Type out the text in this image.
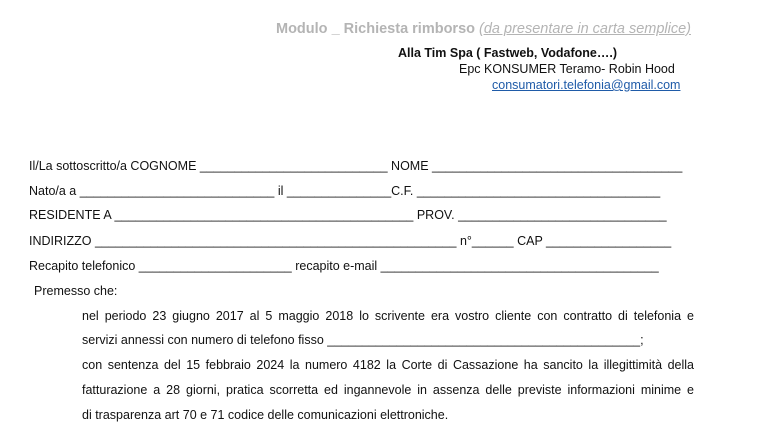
Modulo _ Richiesta rimborso (da presentare in carta semplice)
Alla Tim Spa ( Fastweb, Vodafone….)
Epc KONSUMER Teramo- Robin Hood
consumatori.telefonia@gmail.com
Il/La sottoscritto/a COGNOME ___________________________ NOME ____________________________________
Nato/a a ____________________________ il _______________C.F. ___________________________________
RESIDENTE A ___________________________________________ PROV. ______________________________
INDIRIZZO ____________________________________________________ n°______ CAP __________________
Recapito telefonico ______________________ recapito e-mail ________________________________________
Premesso che:
nel periodo 23 giugno 2017 al 5 maggio 2018 lo scrivente era vostro cliente con contratto di telefonia e
servizi annessi con numero di telefono fisso _____________________________________________;
con sentenza del 15 febbraio 2024 la numero 4182 la Corte di Cassazione ha sancito la illegittimità della
fatturazione a 28 giorni, pratica scorretta ed ingannevole in assenza delle previste informazioni minime e
di trasparenza art 70 e 71 codice delle comunicazioni elettroniche.
